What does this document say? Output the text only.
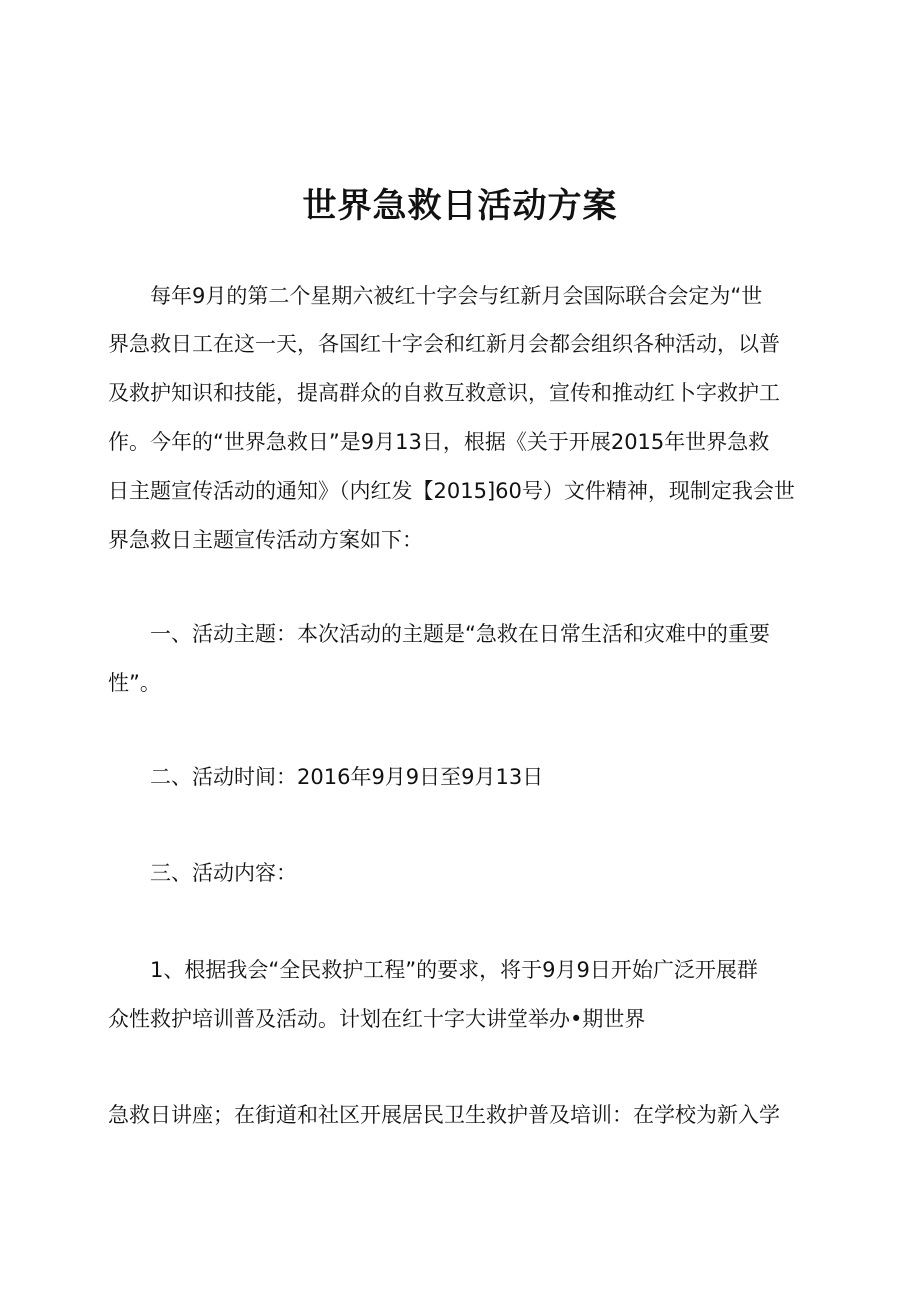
世界急救日活动方案
每年9月的第二个星期六被红十字会与红新月会国际联合会定为“世
界急救日工在这一天，各国红十字会和红新月会都会组织各种活动，以普
及救护知识和技能，提高群众的自救互救意识，宣传和推动红卜字救护工
作。今年的“世界急救日”是9月13日，根据《关于开展2015年世界急救
日主题宣传活动的通知》（内红发【2015]60号）文件精神，现制定我会世
界急救日主题宣传活动方案如下：
一、活动主题：本次活动的主题是“急救在日常生活和灾难中的重要
性”。
二、活动时间：2016年9月9日至9月13日
三、活动内容：
1、根据我会“全民救护工程”的要求，将于9月9日开始广泛开展群
众性救护培训普及活动。计划在红十字大讲堂举办•期世界
急救日讲座；在街道和社区开展居民卫生救护普及培训：在学校为新入学
